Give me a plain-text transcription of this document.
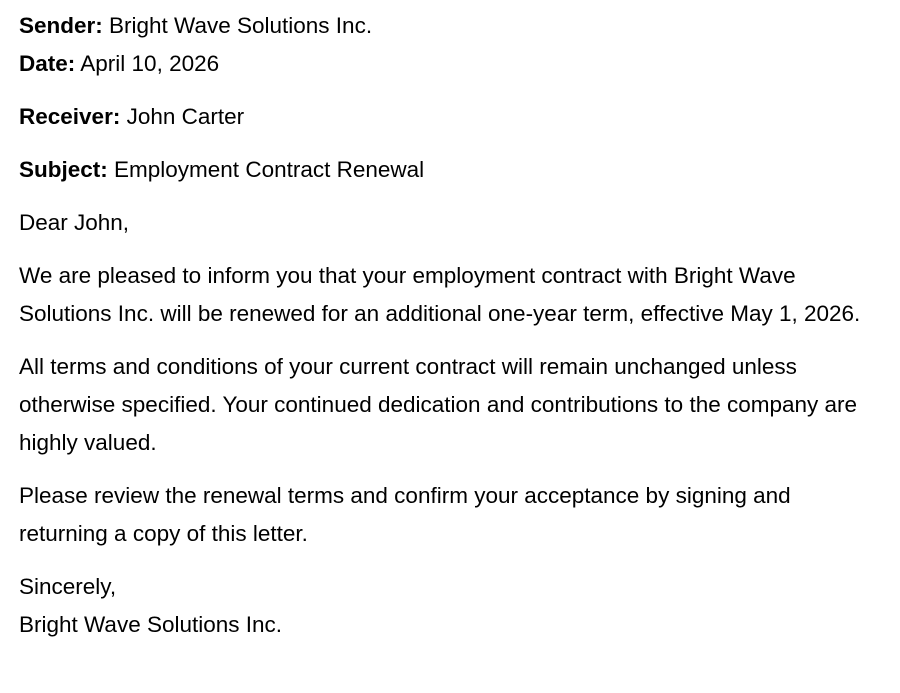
Sender: Bright Wave Solutions Inc.

Date: April 10, 2026

Receiver: John Carter

Subject: Employment Contract Renewal

Dear John,

We are pleased to inform you that your employment contract with Bright Wave Solutions Inc. will be renewed for an additional one-year term, effective May 1, 2026.

All terms and conditions of your current contract will remain unchanged unless otherwise specified. Your continued dedication and contributions to the company are highly valued.

Please review the renewal terms and confirm your acceptance by signing and returning a copy of this letter.

Sincerely,

Bright Wave Solutions Inc.
